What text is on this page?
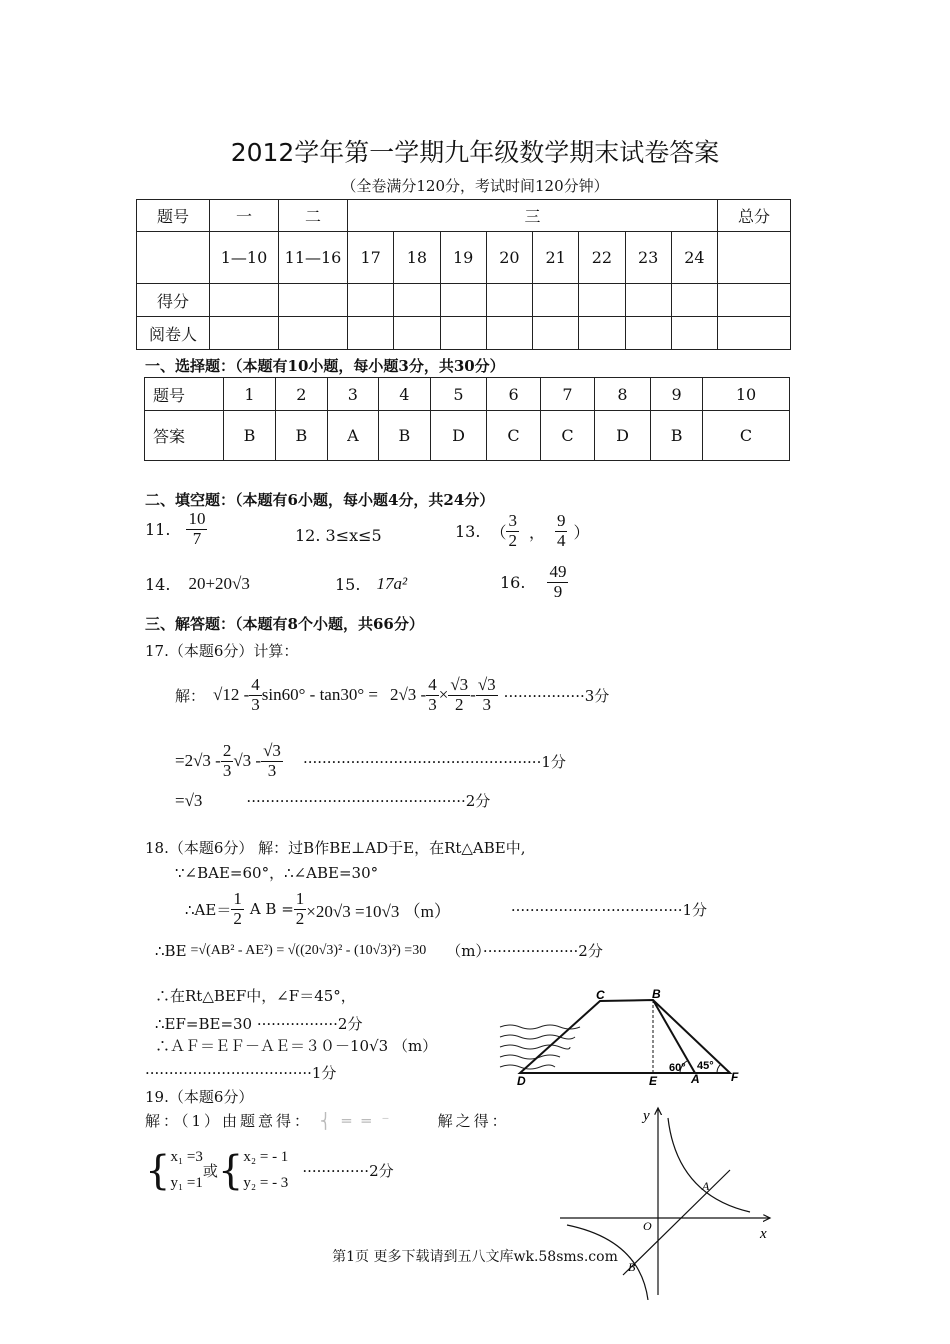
2012学年第一学期九年级数学期末试卷答案
（全卷满分120分，考试时间120分钟）
题号	一	二	三								总分
	1—10	11—16	17	18	19	20	21	22	23	24	
得分											
阅卷人											
一、选择题：（本题有10小题，每小题3分，共30分）
题号	1	2	3	4	5	6	7	8	9	10
答案	B	B	A	B	D	C	C	D	B	C
二、填空题：（本题有6小题，每小题4分，共24分）
11. $\frac{10}{7}$	12. 3≤x≤5	13. （ $\frac{3}{2}$ ， $\frac{9}{4}$ ）
14. 20+20√3	15. 17a²	16. $\frac{49}{9}$
三、解答题：（本题有8个小题，共66分）
17.（本题6分）计算：
解： $√12 - \frac{4}{3} \sin 60^\circ - \tan 30^\circ = 2√3 - \frac{4}{3} \times \frac{√3}{2} - \frac{√3}{3} \cdot\cdot\cdot\cdot\cdot\cdot\cdot\cdot\cdot\cdot\cdot\cdot\cdot\cdot\cdot\cdot\cdot 3$分
$=2√3 - \frac{2}{3} √3 - \frac{√3}{3} \cdot\cdot\cdot\cdot\cdot\cdot\cdot\cdot\cdot\cdot\cdot\cdot\cdot\cdot\cdot\cdot\cdot\cdot\cdot\cdot\cdot\cdot\cdot\cdot\cdot\cdot\cdot\cdot\cdot\cdot\cdot\cdot\cdot\cdot\cdot\cdot\cdot\cdot\cdot\cdot\cdot\cdot\cdot\cdot\cdot\cdot\cdot\cdot\cdot\cdot 1$分
=√3	··············································2分
18.（本题6分） 解：过B作BE⊥AD于E，在Rt△ABE中,
∵∠BAE=60°，∴∠ABE=30°
∴AE＝ $\frac{1}{2}$ A $B = \frac{1}{2} \times 20√3 =10√3$ （m）	····································1分
∴BE =√(AB² - AE²) = √((20√3)² - (10√3)²) =30 （m）····················2分
∴在Rt△BEF中，∠F＝45°，
∴EF=BE=30 ·················2分
∴ＡＦ＝ＥＦ－ＡＥ＝３０－10√3 （m）
···································1分
C	B
D	E	A	F
60° 45°
19.（本题6分）
解：（1）由题意得： ⎨ ═ ═ ⁻	解之得：
{ x₁ =3
y₁ =1
或 { x₂ = - 1
y₂ = - 3
··············2分
y
x
O
A
B
第1页 更多下载请到五八文库wk.58sms.com
